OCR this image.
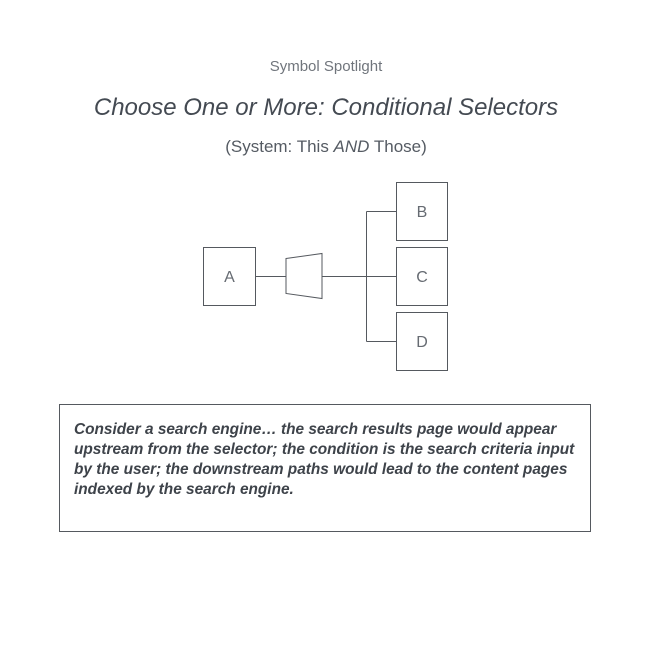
Symbol Spotlight
Choose One or More: Conditional Selectors
(System: This AND Those)
A
B
C
D
Consider a search engine… the search results page would appear upstream from the selector; the condition is the search criteria input by the user; the downstream paths would lead to the content pages indexed by the search engine.
